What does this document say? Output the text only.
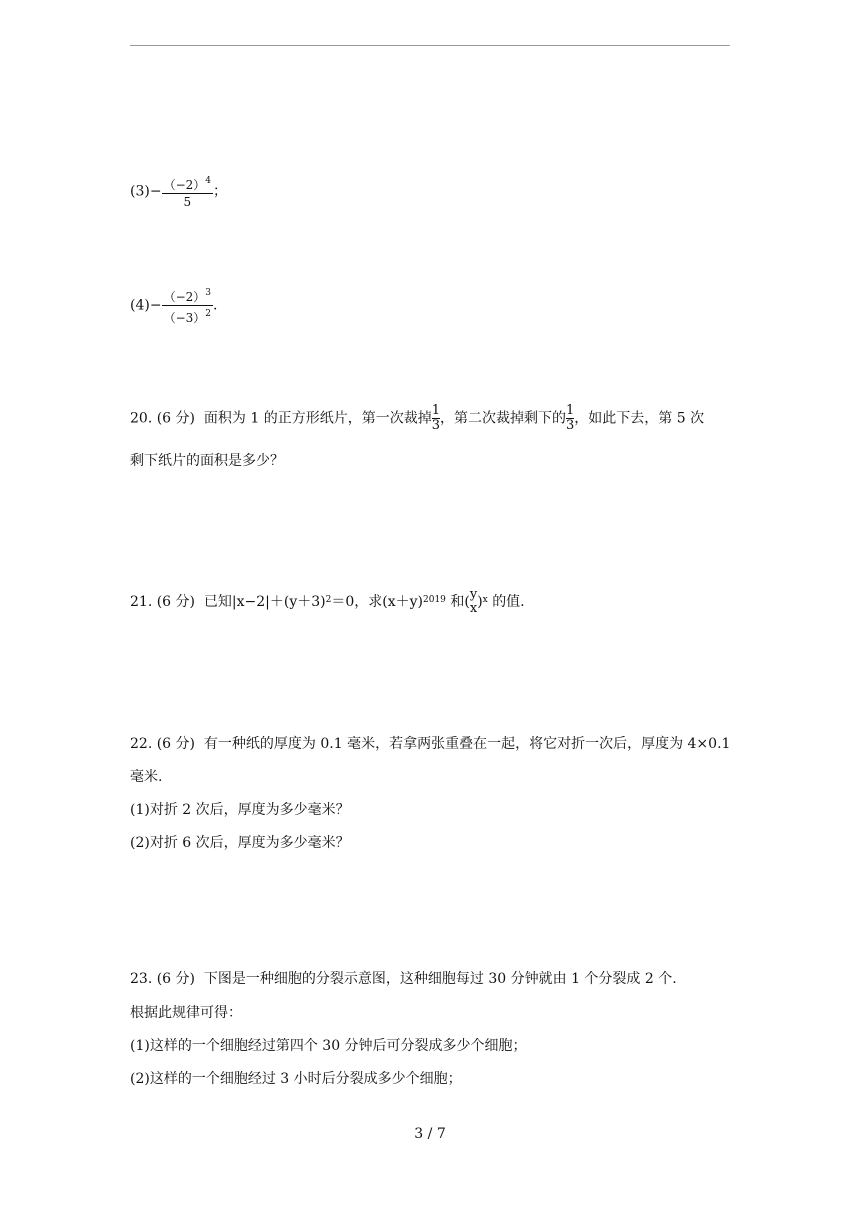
$(3)- \frac{(-2)^4}{5}$ ；
$(4)- \frac{(-2)^3}{(-3)^2}$ .
20. (6 分) 面积为 1 的正方形纸片，第一次裁掉 $\frac{1}{3}$ ，第二次裁掉剩下的 $\frac{1}{3}$ ，如此下去，第 5 次
剩下纸片的面积是多少？
21. (6 分) 已知$|x-2|+(y+3)^2=0$，求$(x+y)^{2019}$ 和( y
x )$^x$ 的值.
22. (6 分) 有一种纸的厚度为 0.1 毫米，若拿两张重叠在一起，将它对折一次后，厚度为 4×0.1
毫米.
(1)对折 2 次后，厚度为多少毫米？
(2)对折 6 次后，厚度为多少毫米？
23. (6 分) 下图是一种细胞的分裂示意图，这种细胞每过 30 分钟就由 1 个分裂成 2 个.
根据此规律可得：
(1)这样的一个细胞经过第四个 30 分钟后可分裂成多少个细胞；
(2)这样的一个细胞经过 3 小时后分裂成多少个细胞；
3 / 7
